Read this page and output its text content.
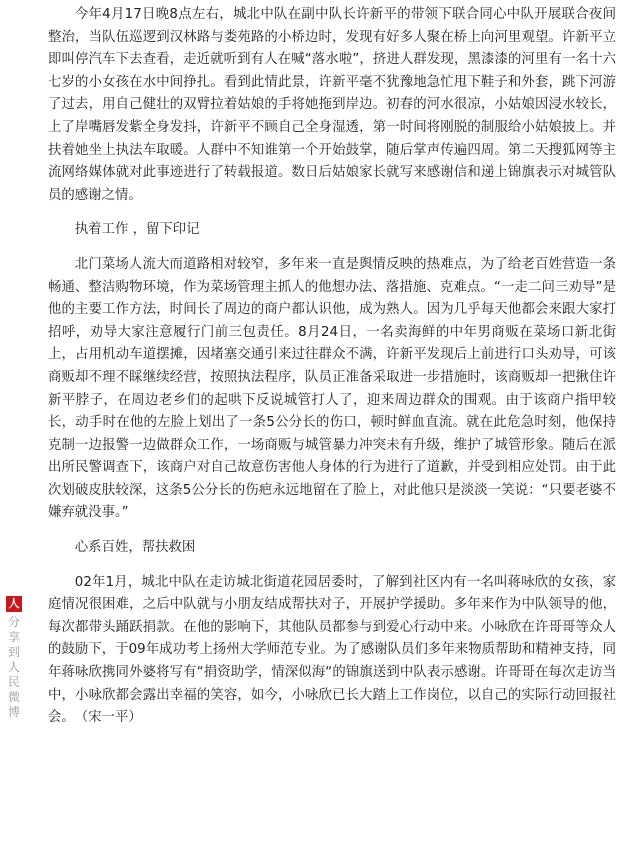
人
分享到人民微博

今年4月17日晚8点左右，城北中队在副中队长许新平的带领下联合同心中队开展联合夜间整治，当队伍巡逻到汉林路与娄苑路的小桥边时，发现有好多人聚在桥上向河里观望。许新平立即叫停汽车下去查看，走近就听到有人在喊“落水啦”，挤进人群发现，黑漆漆的河里有一名十六七岁的小女孩在水中间挣扎。看到此情此景，许新平毫不犹豫地急忙甩下鞋子和外套，跳下河游了过去，用自己健壮的双臂拉着姑娘的手将她拖到岸边。初春的河水很凉，小姑娘因浸水较长，上了岸嘴唇发紫全身发抖，许新平不顾自己全身湿透，第一时间将刚脱的制服给小姑娘披上。并扶着她坐上执法车取暖。人群中不知谁第一个开始鼓掌，随后掌声传遍四周。第二天搜狐网等主流网络媒体就对此事迹进行了转载报道。数日后姑娘家长就写来感谢信和递上锦旗表示对城管队员的感谢之情。

执着工作 ，留下印记

北门菜场人流大而道路相对较窄，多年来一直是舆情反映的热难点，为了给老百姓营造一条畅通、整洁购物环境，作为菜场管理主抓人的他想办法、落措施、克难点。“一走二问三劝导”是他的主要工作方法，时间长了周边的商户都认识他，成为熟人。因为几乎每天他都会来跟大家打招呼，劝导大家注意履行门前三包责任。8月24日，一名卖海鲜的中年男商贩在菜场口新北街上，占用机动车道摆摊，因堵塞交通引来过往群众不满，许新平发现后上前进行口头劝导，可该商贩却不理不睬继续经营，按照执法程序，队员正准备采取进一步措施时，该商贩却一把揪住许新平脖子，在周边老乡们的起哄下反说城管打人了，迎来周边群众的围观。由于该商户指甲较长，动手时在他的左脸上划出了一条5公分长的伤口，顿时鲜血直流。就在此危急时刻，他保持克制一边报警一边做群众工作，一场商贩与城管暴力冲突未有升级，维护了城管形象。随后在派出所民警调查下，该商户对自己故意伤害他人身体的行为进行了道歉，并受到相应处罚。由于此次划破皮肤较深，这条5公分长的伤疤永远地留在了脸上，对此他只是淡淡一笑说：“只要老婆不嫌弃就没事。”

心系百姓，帮扶救困

02年1月，城北中队在走访城北街道花园居委时，了解到社区内有一名叫蒋咏欣的女孩，家庭情况很困难，之后中队就与小朋友结成帮扶对子，开展护学援助。多年来作为中队领导的他，每次都带头踊跃捐款。在他的影响下，其他队员都参与到爱心行动中来。小咏欣在许哥哥等众人的鼓励下，于09年成功考上扬州大学师范专业。为了感谢队员们多年来物质帮助和精神支持，同年蒋咏欣携同外婆将写有“捐资助学，情深似海“的锦旗送到中队表示感谢。许哥哥在每次走访当中，小咏欣都会露出幸福的笑容，如今，小咏欣已长大踏上工作岗位，以自己的实际行动回报社会。　（宋一平）
